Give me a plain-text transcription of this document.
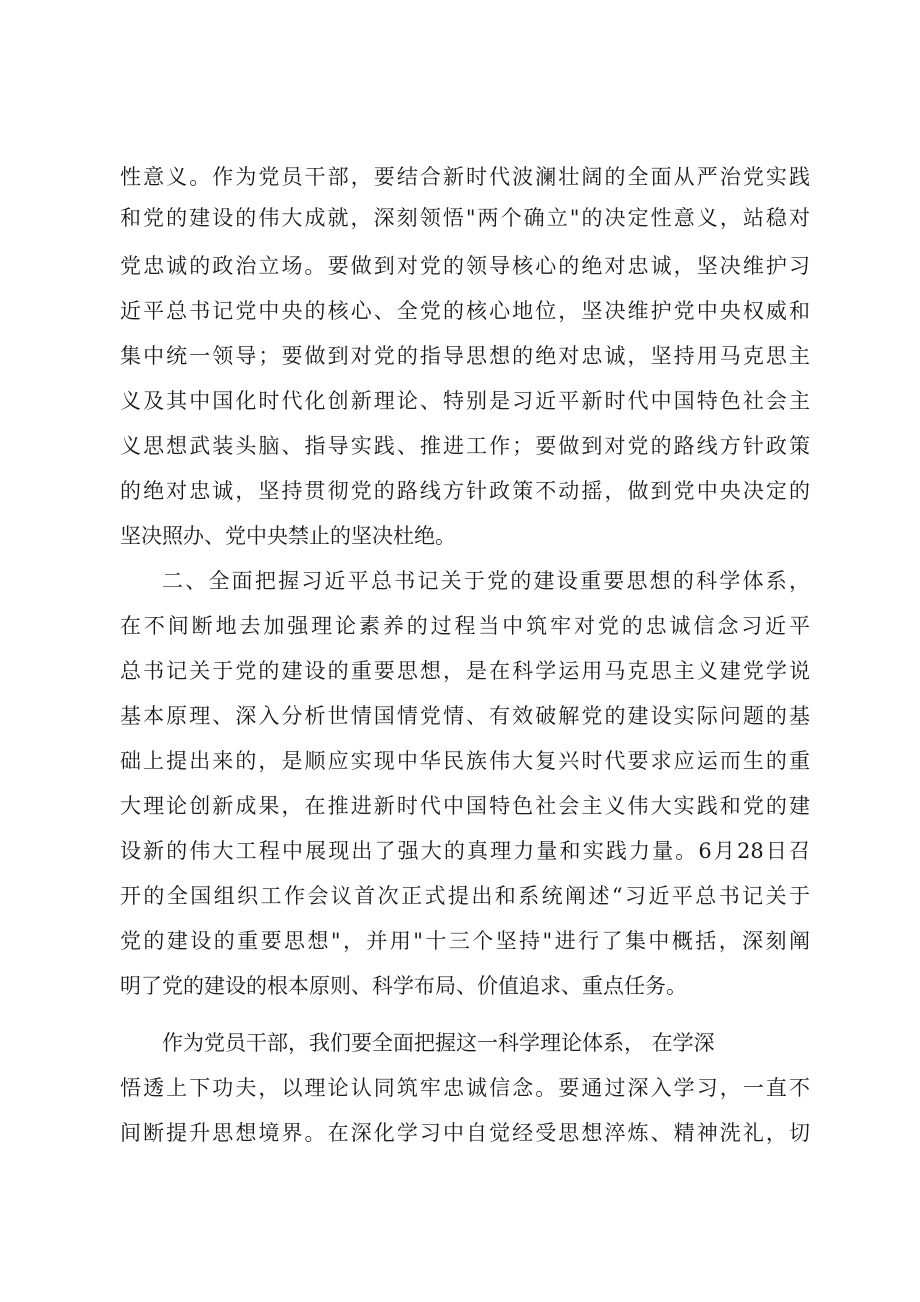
性意义。作为党员干部，要结合新时代波澜壮阔的全面从严治党实践
和党的建设的伟大成就，深刻领悟"两个确立"的决定性意义，站稳对
党忠诚的政治立场。要做到对党的领导核心的绝对忠诚，坚决维护习
近平总书记党中央的核心、全党的核心地位，坚决维护党中央权威和
集中统一领导；要做到对党的指导思想的绝对忠诚，坚持用马克思主
义及其中国化时代化创新理论、特别是习近平新时代中国特色社会主
义思想武装头脑、指导实践、推进工作；要做到对党的路线方针政策
的绝对忠诚，坚持贯彻党的路线方针政策不动摇，做到党中央决定的
坚决照办、党中央禁止的坚决杜绝。
二、全面把握习近平总书记关于党的建设重要思想的科学体系，
在不间断地去加强理论素养的过程当中筑牢对党的忠诚信念习近平
总书记关于党的建设的重要思想，是在科学运用马克思主义建党学说
基本原理、深入分析世情国情党情、有效破解党的建设实际问题的基
础上提出来的，是顺应实现中华民族伟大复兴时代要求应运而生的重
大理论创新成果，在推进新时代中国特色社会主义伟大实践和党的建
设新的伟大工程中展现出了强大的真理力量和实践力量。6月28日召
开的全国组织工作会议首次正式提出和系统阐述“习近平总书记关于
党的建设的重要思想"，并用"十三个坚持"进行了集中概括，深刻阐
明了党的建设的根本原则、科学布局、价值追求、重点任务。
作为党员干部，我们要全面把握这一科学理论体系， 在学深
悟透上下功夫，以理论认同筑牢忠诚信念。要通过深入学习，一直不
间断提升思想境界。在深化学习中自觉经受思想淬炼、精神洗礼，切
